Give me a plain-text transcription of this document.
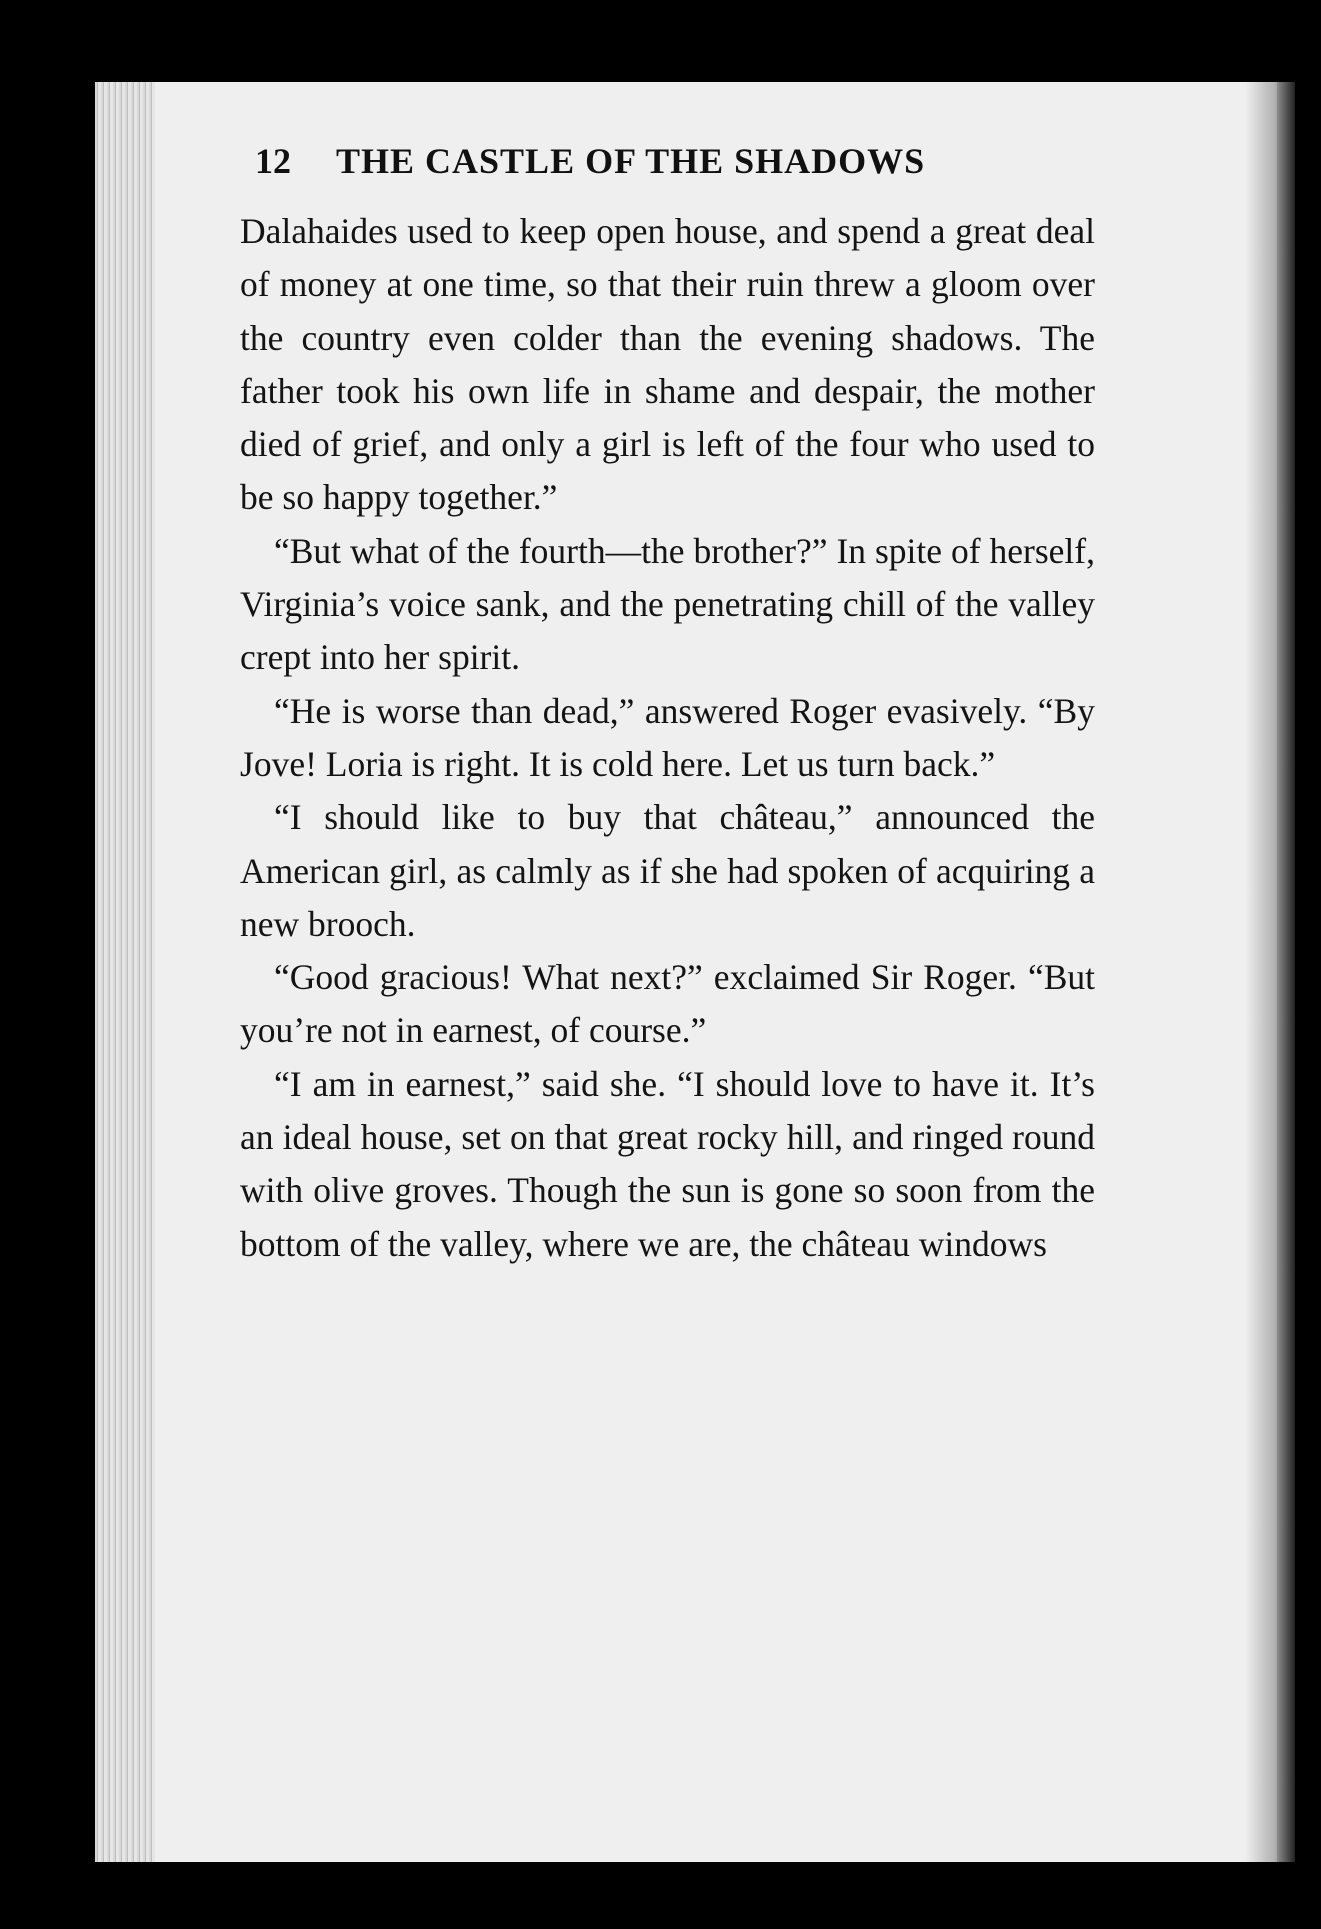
12 THE CASTLE OF THE SHADOWS

Dalahaides used to keep open house, and spend a great deal of money at one time, so that their ruin threw a gloom over the country even colder than the evening shadows. The father took his own life in shame and despair, the mother died of grief, and only a girl is left of the four who used to be so happy together.”

“But what of the fourth—the brother?” In spite of herself, Virginia’s voice sank, and the penetrating chill of the valley crept into her spirit.

“He is worse than dead,” answered Roger evasively. “By Jove! Loria is right. It is cold here. Let us turn back.”

“I should like to buy that château,” announced the American girl, as calmly as if she had spoken of acquiring a new brooch.

“Good gracious! What next?” exclaimed Sir Roger. “But you’re not in earnest, of course.”

“I am in earnest,” said she. “I should love to have it. It’s an ideal house, set on that great rocky hill, and ringed round with olive groves. Though the sun is gone so soon from the bottom of the valley, where we are, the château windows
